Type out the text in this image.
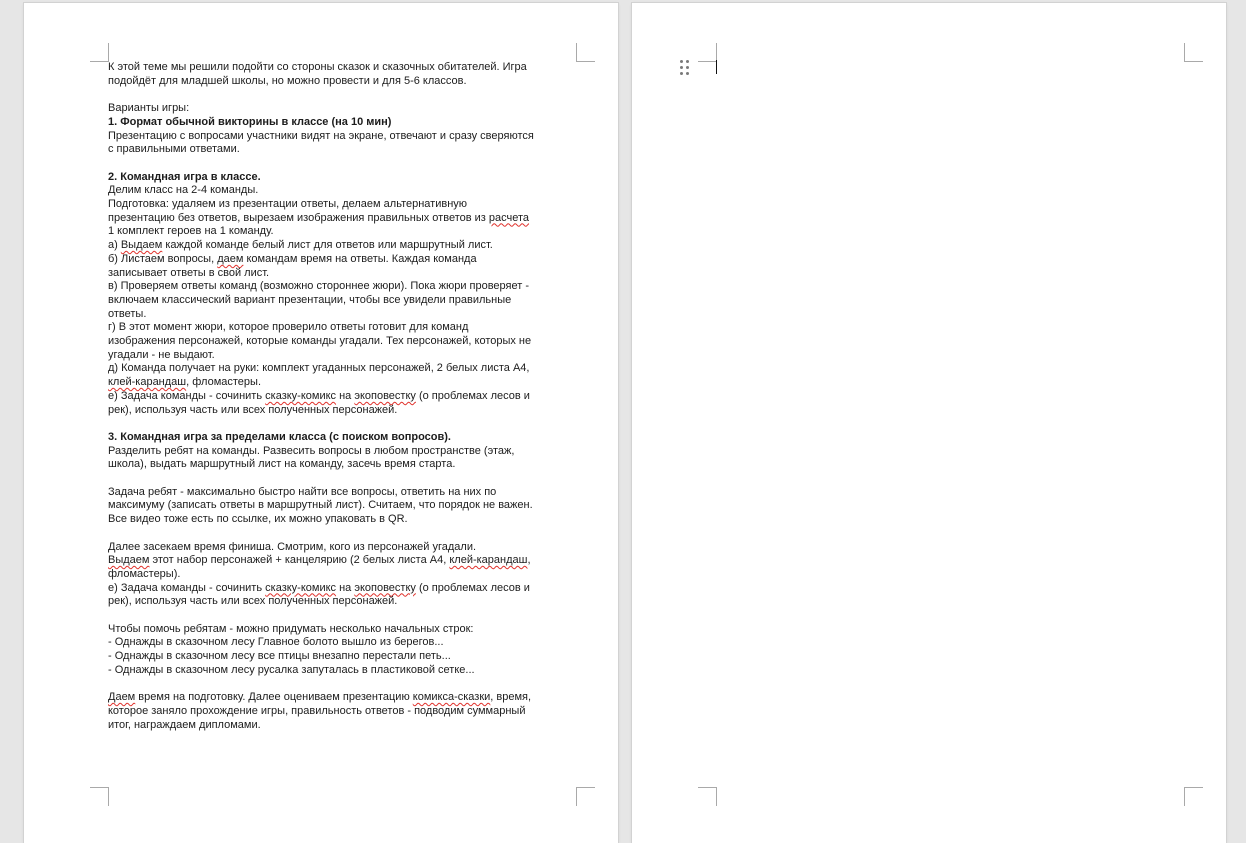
К этой теме мы решили подойти со стороны сказок и сказочных обитателей. Игра
подойдёт для младшей школы, но можно провести и для 5-6 классов.
Варианты игры:
1. Формат обычной викторины в классе (на 10 мин)
Презентацию с вопросами участники видят на экране, отвечают и сразу сверяются
с правильными ответами.
2. Командная игра в классе.
Делим класс на 2-4 команды.
Подготовка: удаляем из презентации ответы, делаем альтернативную
презентацию без ответов, вырезаем изображения правильных ответов из расчета
1 комплект героев на 1 команду.
а) Выдаем каждой команде белый лист для ответов или маршрутный лист.
б) Листаем вопросы, даем командам время на ответы. Каждая команда
записывает ответы в свой лист.
в) Проверяем ответы команд (возможно стороннее жюри). Пока жюри проверяет -
включаем классический вариант презентации, чтобы все увидели правильные
ответы.
г) В этот момент жюри, которое проверило ответы готовит для команд
изображения персонажей, которые команды угадали. Тех персонажей, которых не
угадали - не выдают.
д) Команда получает на руки: комплект угаданных персонажей, 2 белых листа А4,
клей-карандаш, фломастеры.
е) Задача команды - сочинить сказку-комикс на экоповестку (о проблемах лесов и
рек), используя часть или всех полученных персонажей.
3. Командная игра за пределами класса (с поиском вопросов).
Разделить ребят на команды. Развесить вопросы в любом пространстве (этаж,
школа), выдать маршрутный лист на команду, засечь время старта.
Задача ребят - максимально быстро найти все вопросы, ответить на них по
максимуму (записать ответы в маршрутный лист). Считаем, что порядок не важен.
Все видео тоже есть по ссылке, их можно упаковать в QR.
Далее засекаем время финиша. Смотрим, кого из персонажей угадали.
Выдаем этот набор персонажей + канцелярию (2 белых листа А4, клей-карандаш,
фломастеры).
е) Задача команды - сочинить сказку-комикс на экоповестку (о проблемах лесов и
рек), используя часть или всех полученных персонажей.
Чтобы помочь ребятам - можно придумать несколько начальных строк:
- Однажды в сказочном лесу Главное болото вышло из берегов...
- Однажды в сказочном лесу все птицы внезапно перестали петь...
- Однажды в сказочном лесу русалка запуталась в пластиковой сетке...
Даем время на подготовку. Далее оцениваем презентацию комикса-сказки, время,
которое заняло прохождение игры, правильность ответов - подводим суммарный
итог, награждаем дипломами.
